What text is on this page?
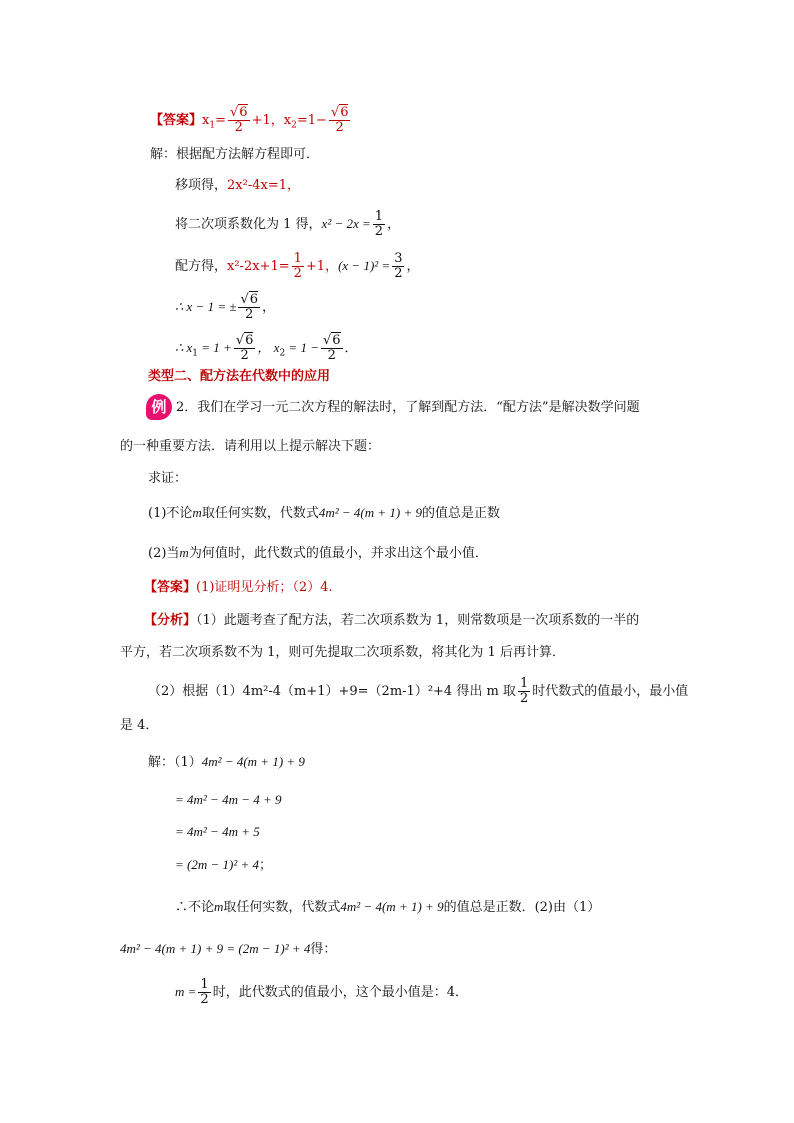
【答案】$x_1= \frac{√6}{2} +1$，$x_2=1- \frac{√6}{2}$
解：根据配方法解方程即可．
移项得，2x²-4x=1，
将二次项系数化为 1 得，$x^2 - 2x = \frac{1}{2}$ ，
配方得，$x^2-2x+1= \frac{1}{2} +1$，$(x - 1)^2 = \frac{3}{2}$ ，
∴ x − 1 = ± $\frac{√6}{2}$ ，
∴ $x_1 = 1 + \frac{√6}{2}$ ， $x_2 = 1 - \frac{√6}{2}$ ．
类型二、配方法在代数中的应用
例 2．我们在学习一元二次方程的解法时，了解到配方法．“配方法”是解决数学问题
的一种重要方法．请利用以上提示解决下题：
求证：
(1)不论m取任何实数，代数式4m² − 4(m + 1) + 9的值总是正数
(2)当m为何值时，此代数式的值最小，并求出这个最小值．
【答案】(1)证明见分析；（2）4.
【分析】（1）此题考查了配方法，若二次项系数为 1，则常数项是一次项系数的一半的
平方，若二次项系数不为 1，则可先提取二次项系数，将其化为 1 后再计算．
（2）根据（1）4m²-4（m+1）+9=（2m-1）²+4 得出 m 取 $\frac{1}{2}$ 时代数式的值最小，最小值
是 4．
解：（1）4m² − 4(m + 1) + 9
= 4m² − 4m − 4 + 9
= 4m² − 4m + 5
= (2m − 1)² + 4；
∴不论m取任何实数，代数式4m² − 4(m + 1) + 9的值总是正数．(2)由（1）
4m² − 4(m + 1) + 9 = (2m − 1)² + 4得：
$m = \frac{1}{2}$ 时，此代数式的值最小，这个最小值是：4．
